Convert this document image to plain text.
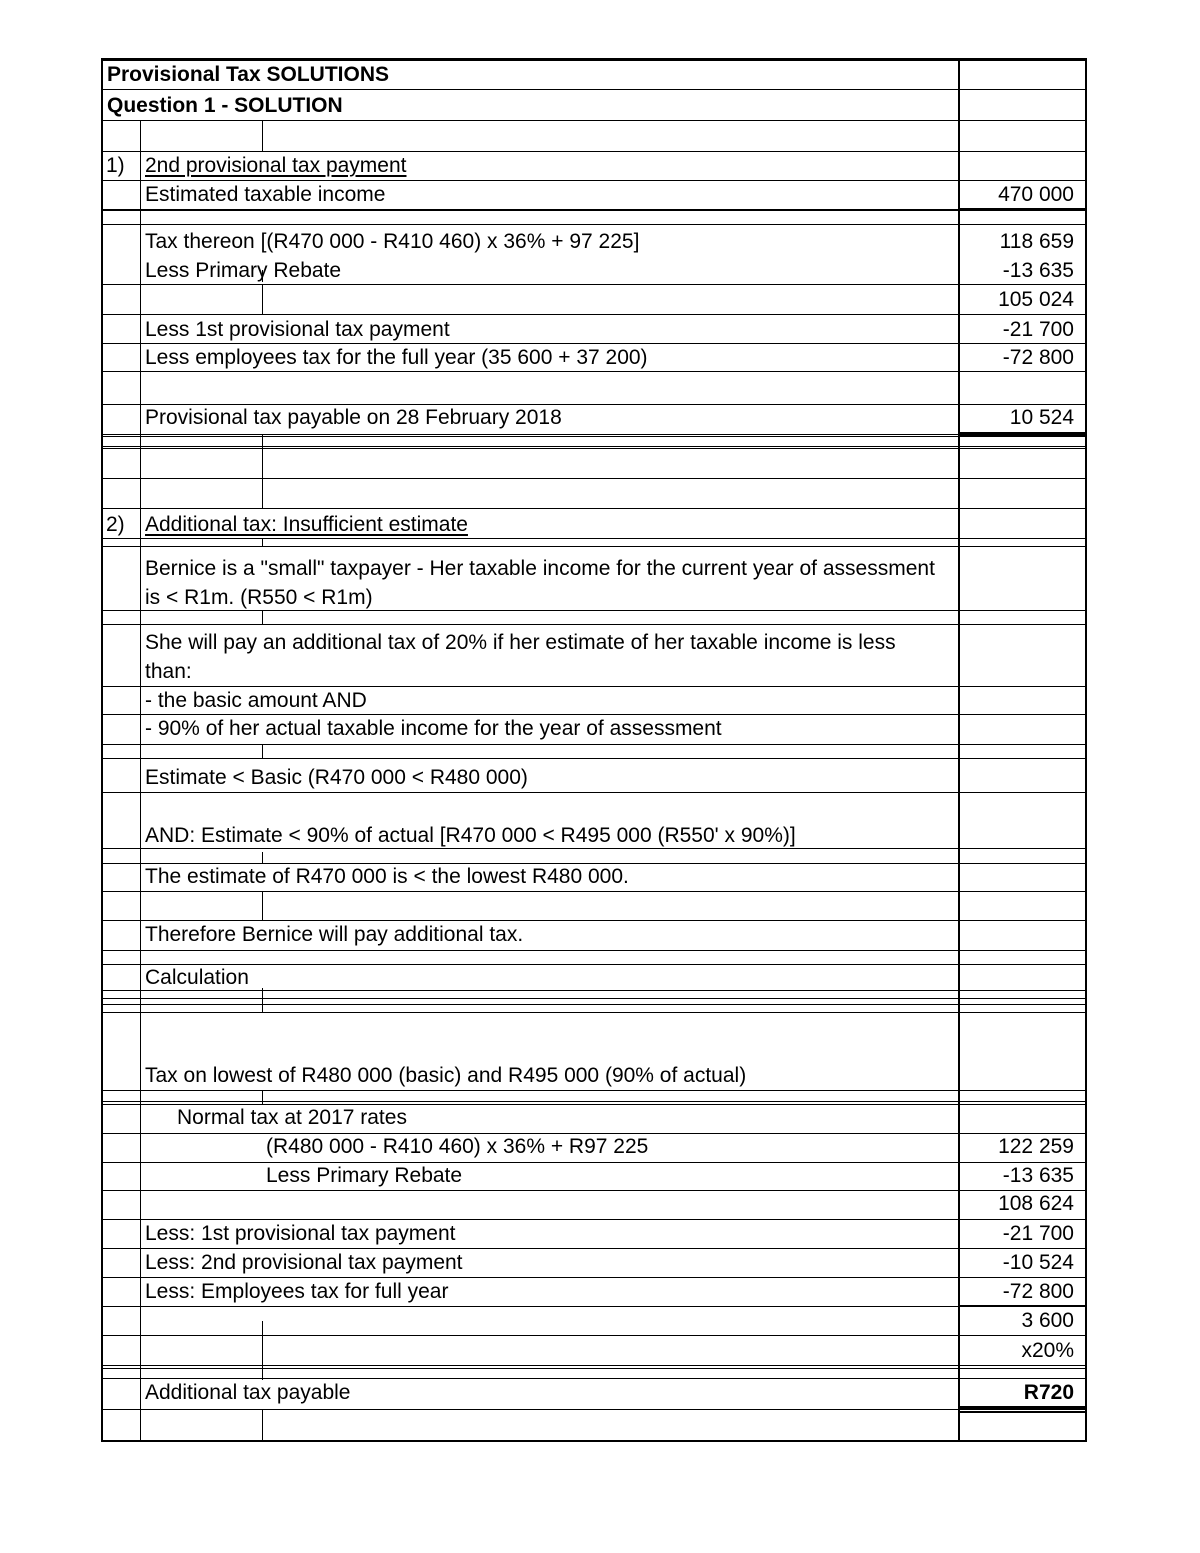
Provisional Tax SOLUTIONS
Question 1 - SOLUTION
1) 2nd provisional tax payment
Estimated taxable income	470 000
Tax thereon [(R470 000 - R410 460) x 36% + 97 225]	118 659
Less Primary Rebate	-13 635
105 024
Less 1st provisional tax payment	-21 700
Less employees tax for the full year (35 600 + 37 200)	-72 800
Provisional tax payable on 28 February 2018	10 524
2) Additional tax: Insufficient estimate
Bernice is a "small" taxpayer - Her taxable income for the current year of assessment is < R1m. (R550 < R1m)
She will pay an additional tax of 20% if her estimate of her taxable income is less than:
- the basic amount AND
- 90% of her actual taxable income for the year of assessment
Estimate < Basic (R470 000 < R480 000)
AND: Estimate < 90% of actual [R470 000 < R495 000 (R550' x 90%)]
The estimate of R470 000 is < the lowest R480 000.
Therefore Bernice will pay additional tax.
Calculation
Tax on lowest of R480 000 (basic) and R495 000 (90% of actual)
Normal tax at 2017 rates
(R480 000 - R410 460) x 36% + R97 225	122 259
Less Primary Rebate	-13 635
108 624
Less: 1st provisional tax payment	-21 700
Less: 2nd provisional tax payment	-10 524
Less: Employees tax for full year	-72 800
3 600
x20%
Additional tax payable	R720
